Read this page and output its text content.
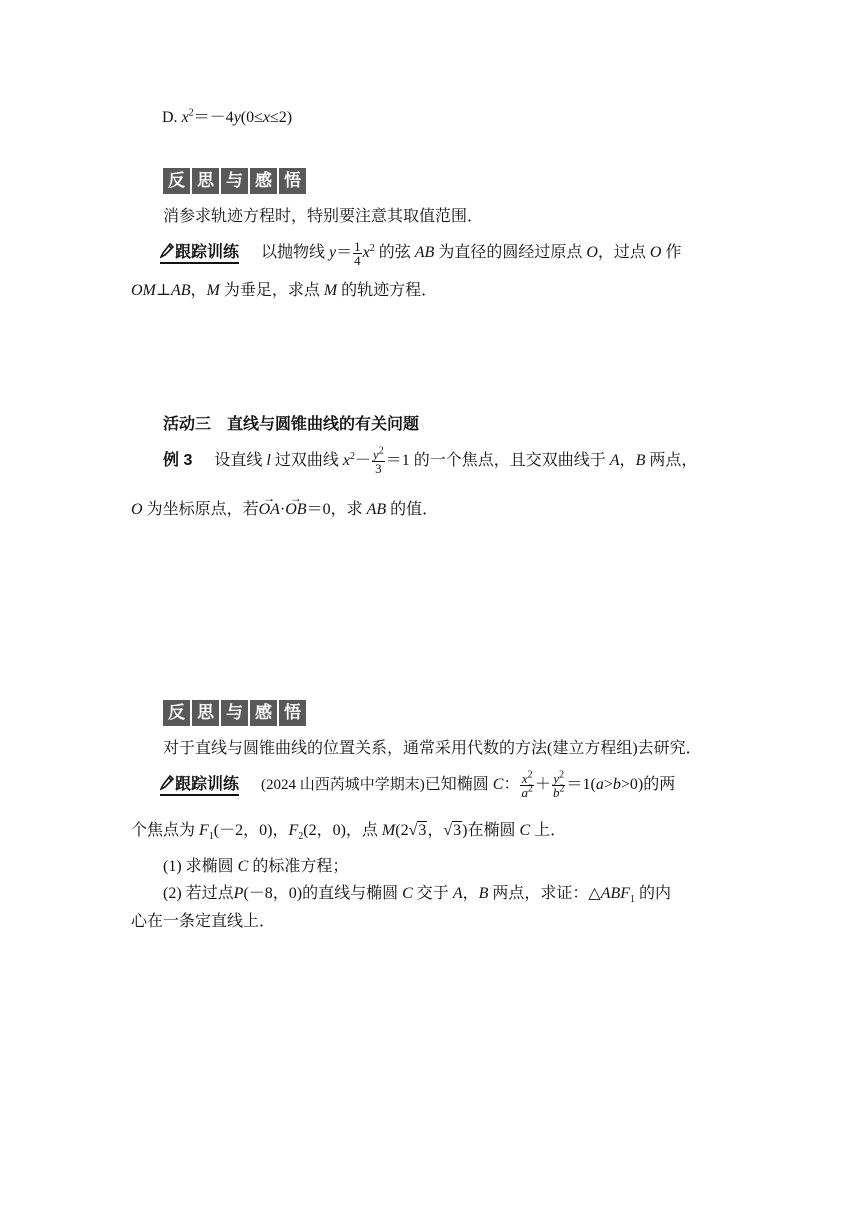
D. $x^2=-4y(0\le x\le 2)$
反 思 与 感 悟
消参求轨迹方程时，特别要注意其取值范围．
跟踪训练 以抛物线 $y= \frac{1}{4} x^2$ 的弦 AB 为直径的圆经过原点 O，过点 O 作
OM⊥AB，M 为垂足，求点 M 的轨迹方程．
活动三　直线与圆锥曲线的有关问题
例 3 设直线 l 过双曲线 $x^2- \frac{y^2}{3} =1$ 的一个焦点，且交双曲线于 A，B 两点，
O 为坐标原点，若→ OA·→ OB＝0，求 AB 的值．
反 思 与 感 悟
对于直线与圆锥曲线的位置关系，通常采用代数的方法(建立方程组)去研究．
跟踪训练 (2024 山西芮城中学期末)已知椭圆 C： $\frac{x^2}{a^2} + \frac{y^2}{b^2} =1(a>b>0)$的两
个焦点为 $F_1(-2$，0)，$F_2(2$，0)，点 M(2√3，√3)在椭圆 C 上．
(1) 求椭圆 C 的标准方程；
(2) 若过点P(－8，0)的直线与椭圆 C 交于 A，B 两点，求证：$\triangle ABF_1$ 的内
心在一条定直线上．
